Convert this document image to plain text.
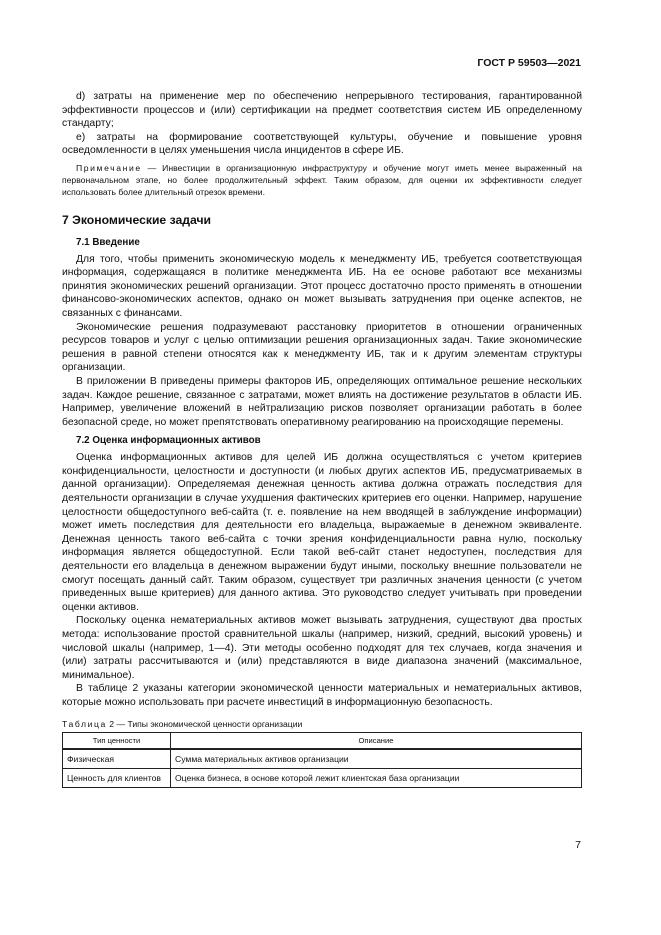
ГОСТ Р 59503—2021

d) затраты на применение мер по обеспечению непрерывного тестирования, гарантированной эффективности процессов и (или) сертификации на предмет соответствия систем ИБ определенному стандарту;

e) затраты на формирование соответствующей культуры, обучение и повышение уровня осведомленности в целях уменьшения числа инцидентов в сфере ИБ.

Примечание — Инвестиции в организационную инфраструктуру и обучение могут иметь менее выраженный на первоначальном этапе, но более продолжительный эффект. Таким образом, для оценки их эффективности следует использовать более длительный отрезок времени.

7 Экономические задачи
7.1 Введение

Для того, чтобы применить экономическую модель к менеджменту ИБ, требуется соответствующая информация, содержащаяся в политике менеджмента ИБ. На ее основе работают все механизмы принятия экономических решений организации. Этот процесс достаточно просто применять в отношении финансово-экономических аспектов, однако он может вызывать затруднения при оценке аспектов, не связанных с финансами.

Экономические решения подразумевают расстановку приоритетов в отношении ограниченных ресурсов товаров и услуг с целью оптимизации решения организационных задач. Такие экономические решения в равной степени относятся как к менеджменту ИБ, так и к другим элементам структуры организации.

В приложении В приведены примеры факторов ИБ, определяющих оптимальное решение нескольких задач. Каждое решение, связанное с затратами, может влиять на достижение результатов в области ИБ. Например, увеличение вложений в нейтрализацию рисков позволяет организации работать в более безопасной среде, но может препятствовать оперативному реагированию на происходящие перемены.

7.2 Оценка информационных активов

Оценка информационных активов для целей ИБ должна осуществляться с учетом критериев конфиденциальности, целостности и доступности (и любых других аспектов ИБ, предусматриваемых в данной организации). Определяемая денежная ценность актива должна отражать последствия для деятельности организации в случае ухудшения фактических критериев его оценки. Например, нарушение целостности общедоступного веб-сайта (т. е. появление на нем вводящей в заблуждение информации) может иметь последствия для деятельности его владельца, выражаемые в денежном эквиваленте. Денежная ценность такого веб-сайта с точки зрения конфиденциальности равна нулю, поскольку информация является общедоступной. Если такой веб-сайт станет недоступен, последствия для деятельности его владельца в денежном выражении будут иными, поскольку внешние пользователи не смогут посещать данный сайт. Таким образом, существует три различных значения ценности (с учетом приведенных выше критериев) для данного актива. Это руководство следует учитывать при проведении оценки активов.

Поскольку оценка нематериальных активов может вызывать затруднения, существуют два простых метода: использование простой сравнительной шкалы (например, низкий, средний, высокий уровень) и числовой шкалы (например, 1—4). Эти методы особенно подходят для тех случаев, когда значения и (или) затраты рассчитываются и (или) представляются в виде диапазона значений (максимальное, минимальное).

В таблице 2 указаны категории экономической ценности материальных и нематериальных активов, которые можно использовать при расчете инвестиций в информационную безопасность.

Таблица 2 — Типы экономической ценности организации
Тип ценности	Описание
Физическая	Сумма материальных активов организации
Ценность для клиентов	Оценка бизнеса, в основе которой лежит клиентская база организации
7
